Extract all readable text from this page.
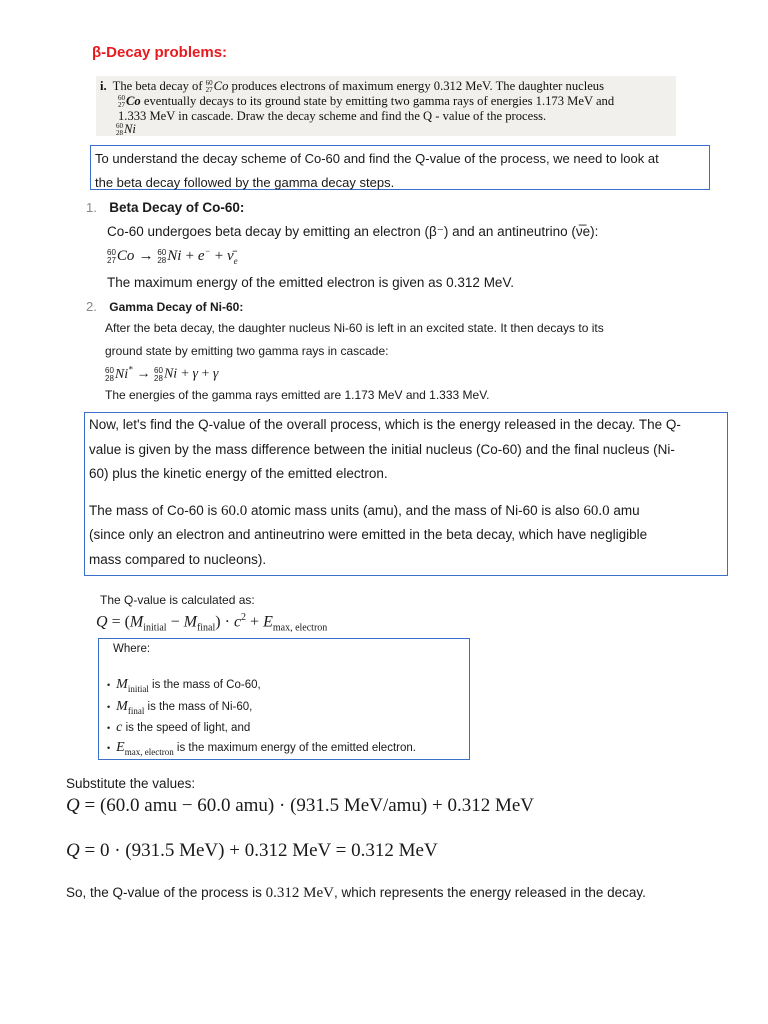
β-Decay problems:
i. The beta decay of 60
27 Co produces electrons of maximum energy 0.312 MeV. The daughter nucleus
60
27 Co eventually decays to its ground state by emitting two gamma rays of energies 1.173 MeV and
1.333 MeV in cascade. Draw the decay scheme and find the Q - value of the process.
60
28 Ni
To understand the decay scheme of Co-60 and find the Q-value of the process, we need to look at
the beta decay followed by the gamma decay steps.
1. Beta Decay of Co-60:
Co-60 undergoes beta decay by emitting an electron (β⁻) and an antineutrino (ν̅e):
60
27 Co → 60
28 $Ni + e^- + \nū_e$
The maximum energy of the emitted electron is given as 0.312 MeV.
2. Gamma Decay of Ni-60:
After the beta decay, the daughter nucleus Ni-60 is left in an excited state. It then decays to its
ground state by emitting two gamma rays in cascade:
60
28 Ni* → 60
28 Ni + γ + γ
The energies of the gamma rays emitted are 1.173 MeV and 1.333 MeV.
Now, let's find the Q-value of the overall process, which is the energy released in the decay. The Q-
value is given by the mass difference between the initial nucleus (Co-60) and the final nucleus (Ni-
60) plus the kinetic energy of the emitted electron.
The mass of Co-60 is 60.0 atomic mass units (amu), and the mass of Ni-60 is also 60.0 amu
(since only an electron and antineutrino were emitted in the beta decay, which have negligible
mass compared to nucleons).
The Q-value is calculated as:
$Q = (M_{initial} - M_{final}) \cdot c^2 + E_{max, electron}$
Where:
• $M_{initial}$ is the mass of Co-60,
• $M_{final}$ is the mass of Ni-60,
• c is the speed of light, and
• $E_{max, electron}$ is the maximum energy of the emitted electron.
Substitute the values:
Q = (60.0 amu − 60.0 amu) · (931.5 MeV/amu) + 0.312 MeV
Q = 0 · (931.5 MeV) + 0.312 MeV = 0.312 MeV
So, the Q-value of the process is 0.312 MeV, which represents the energy released in the decay.
